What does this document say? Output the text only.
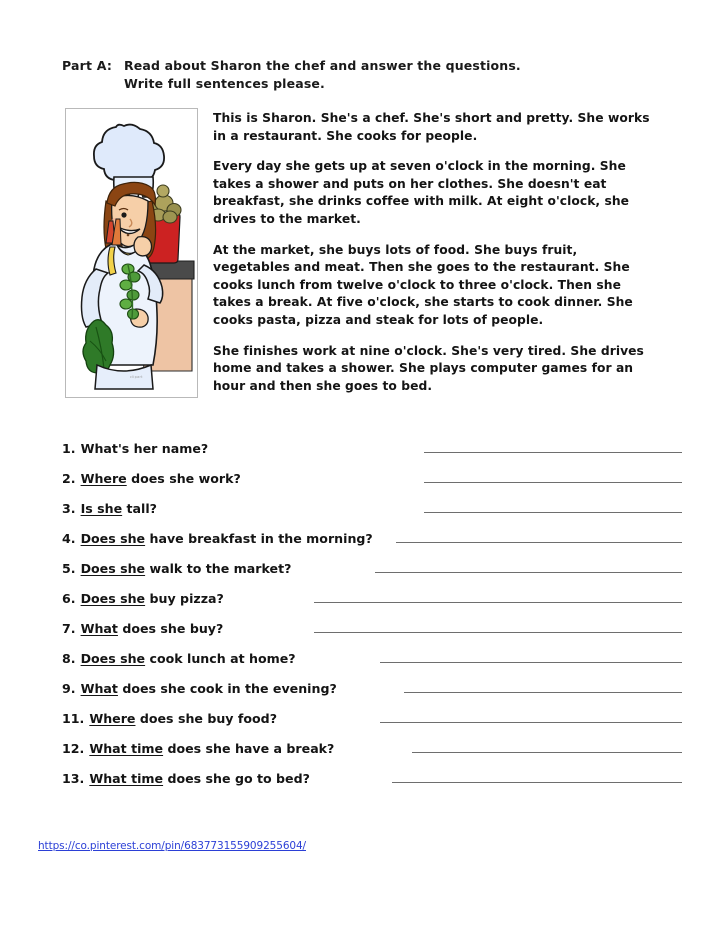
Part A: Read about Sharon the chef and answer the questions.
Write full sentences please.
clipart

This is Sharon. She's a chef. She's short and pretty. She works in a restaurant. She cooks for people.

Every day she gets up at seven o'clock in the morning. She takes a shower and puts on her clothes. She doesn't eat breakfast, she drinks coffee with milk. At eight o'clock, she drives to the market.

At the market, she buys lots of food. She buys fruit, vegetables and meat. Then she goes to the restaurant. She cooks lunch from twelve o'clock to three o'clock. Then she takes a break. At five o'clock, she starts to cook dinner. She cooks pasta, pizza and steak for lots of people.

She finishes work at nine o'clock. She's very tired. She drives home and takes a shower. She plays computer games for an hour and then she goes to bed.

1. What's her name?
2. Where does she work?
3. Is she tall?
4. Does she have breakfast in the morning?
5. Does she walk to the market?
6. Does she buy pizza?
7. What does she buy?
8. Does she cook lunch at home?
9. What does she cook in the evening?
11. Where does she buy food?
12. What time does she have a break?
13. What time does she go to bed?
https://co.pinterest.com/pin/683773155909255604/
